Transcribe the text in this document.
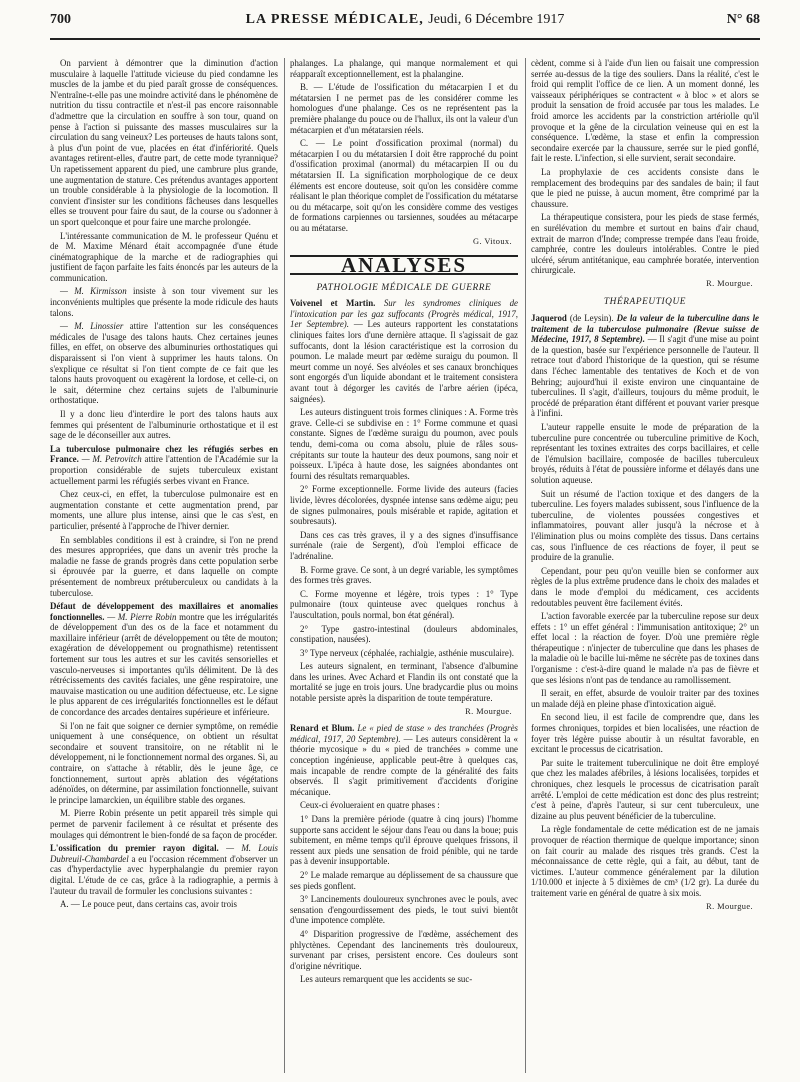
700	LA PRESSE MÉDICALE, Jeudi, 6 Décembre 1917	N° 68

On parvient à démontrer que la diminution d'action musculaire à laquelle l'attitude vicieuse du pied condamne les muscles de la jambe et du pied paraît grosse de conséquences. N'entraîne-t-elle pas une moindre activité dans le phénomène de nutrition du tissu contractile et n'est-il pas encore raisonnable d'admettre que la circulation en souffre à son tour, quand on pense à l'action si puissante des masses musculaires sur la circulation du sang veineux? Les porteuses de hauts talons sont, à plus d'un point de vue, placées en état d'infériorité. Quels avantages retirent-elles, d'autre part, de cette mode tyrannique? Un rapetissement apparent du pied, une cambrure plus grande, une augmentation de stature. Ces prétendus avantages apportent un trouble considérable à la physiologie de la locomotion. Il convient d'insister sur les conditions fâcheuses dans lesquelles elles se trouvent pour faire du saut, de la course ou s'adonner à un sport quelconque et pour faire une marche prolongée.

L'intéressante communication de M. le professeur Quénu et de M. Maxime Ménard était accompagnée d'une étude cinématographique de la marche et de radiographies qui justifient de façon parfaite les faits énoncés par les auteurs de la communication.

— M. Kirmisson insiste à son tour vivement sur les inconvénients multiples que présente la mode ridicule des hauts talons.

— M. Linossier attire l'attention sur les conséquences médicales de l'usage des talons hauts. Chez certaines jeunes filles, en effet, on observe des albuminuries orthostatiques qui disparaissent si l'on vient à supprimer les hauts talons. On s'explique ce résultat si l'on tient compte de ce fait que les talons hauts provoquent ou exagèrent la lordose, et celle-ci, on le sait, détermine chez certains sujets de l'albuminurie orthostatique.

Il y a donc lieu d'interdire le port des talons hauts aux femmes qui présentent de l'albuminurie orthostatique et il est sage de le déconseiller aux autres.

La tuberculose pulmonaire chez les réfugiés serbes en France. — M. Petrovitch attire l'attention de l'Académie sur la proportion considérable de sujets tuberculeux existant actuellement parmi les réfugiés serbes vivant en France.

Chez ceux-ci, en effet, la tuberculose pulmonaire est en augmentation constante et cette augmentation prend, par moments, une allure plus intense, ainsi que le cas s'est, en particulier, présenté à l'approche de l'hiver dernier.

En semblables conditions il est à craindre, si l'on ne prend des mesures appropriées, que dans un avenir très proche la maladie ne fasse de grands progrès dans cette population serbe si éprouvée par la guerre, et dans laquelle on compte présentement de nombreux prétuberculeux ou candidats à la tuberculose.

Défaut de développement des maxillaires et anomalies fonctionnelles. — M. Pierre Robin montre que les irrégularités de développement d'un des os de la face et notamment du maxillaire inférieur (arrêt de développement ou tête de mouton; exagération de développement ou prognathisme) retentissent fortement sur tous les autres et sur les cavités sensorielles et vasculo-nerveuses si importantes qu'ils délimitent. De là des rétrécissements des cavités faciales, une gêne respiratoire, une mauvaise mastication ou une audition défectueuse, etc. Le signe le plus apparent de ces irrégularités fonctionnelles est le défaut de concordance des arcades dentaires supérieure et inférieure.

Si l'on ne fait que soigner ce dernier symptôme, on remédie uniquement à une conséquence, on obtient un résultat secondaire et souvent transitoire, on ne rétablit ni le développement, ni le fonctionnement normal des organes. Si, au contraire, on s'attache à rétablir, dès le jeune âge, ce fonctionnement, surtout après ablation des végétations adénoïdes, on détermine, par assimilation fonctionnelle, suivant le principe lamarckien, un équilibre stable des organes.

M. Pierre Robin présente un petit appareil très simple qui permet de parvenir facilement à ce résultat et présente des moulages qui démontrent le bien-fondé de sa façon de procéder.

L'ossification du premier rayon digital. — M. Louis Dubreuil-Chambardel a eu l'occasion récemment d'observer un cas d'hyperdactylie avec hyperphalangie du premier rayon digital. L'étude de ce cas, grâce à la radiographie, a permis à l'auteur du travail de formuler les conclusions suivantes :

A. — Le pouce peut, dans certains cas, avoir trois

phalanges. La phalange, qui manque normalement et qui réapparaît exceptionnellement, est la phalangine.

B. — L'étude de l'ossification du métacarpien I et du métatarsien I ne permet pas de les considérer comme les homologues d'une phalange. Ces os ne représentent pas la première phalange du pouce ou de l'hallux, ils ont la valeur d'un métacarpien et d'un métatarsien réels.

C. — Le point d'ossification proximal (normal) du métacarpien I ou du métatarsien I doit être rapproché du point d'ossification proximal (anormal) du métacarpien II ou du métatarsien II. La signification morphologique de ce deux éléments est encore douteuse, soit qu'on les considère comme réalisant le plan théorique complet de l'ossification du métatarse ou du métacarpe, soit qu'on les considère comme des vestiges de formations carpiennes ou tarsiennes, soudées au métacarpe ou au métatarse.

G. Vitoux.
ANALYSES
PATHOLOGIE MÉDICALE DE GUERRE

Voivenel et Martin. Sur les syndromes cliniques de l'intoxication par les gaz suffocants (Progrès médical, 1917, 1er Septembre). — Les auteurs rapportent les constatations cliniques faites lors d'une dernière attaque. Il s'agissait de gaz suffocants, dont la lésion caractéristique est la corrosion du poumon. Le malade meurt par œdème suraigu du poumon. Il meurt comme un noyé. Ses alvéoles et ses canaux bronchiques sont engorgés d'un liquide abondant et le traitement consistera avant tout à dégorger les cavités de l'arbre aérien (ipéca, saignées).

Les auteurs distinguent trois formes cliniques : A. Forme très grave. Celle-ci se subdivise en : 1° Forme commune et quasi constante. Signes de l'œdème suraigu du poumon, avec pouls tendu, demi-coma ou coma absolu, pluie de râles sous-crépitants sur toute la hauteur des deux poumons, sang noir et poisseux. L'ipéca à haute dose, les saignées abondantes ont fourni des résultats remarquables.

2° Forme exceptionnelle. Forme livide des auteurs (facies livide, lèvres décolorées, dyspnée intense sans œdème aigu; peu de signes pulmonaires, pouls misérable et rapide, agitation et soubresauts).

Dans ces cas très graves, il y a des signes d'insuffisance surrénale (raie de Sergent), d'où l'emploi efficace de l'adrénaline.

B. Forme grave. Ce sont, à un degré variable, les symptômes des formes très graves.

C. Forme moyenne et légère, trois types : 1° Type pulmonaire (toux quinteuse avec quelques ronchus à l'auscultation, pouls normal, bon état général).

2° Type gastro-intestinal (douleurs abdominales, constipation, nausées).

3° Type nerveux (céphalée, rachialgie, asthénie musculaire).

Les auteurs signalent, en terminant, l'absence d'albumine dans les urines. Avec Achard et Flandin ils ont constaté que la mortalité se juge en trois jours. Une bradycardie plus ou moins notable persiste après la disparition de toute température.

R. Mourgue.

Renard et Blum. Le « pied de stase » des tranchées (Progrès médical, 1917, 20 Septembre). — Les auteurs considèrent la « théorie mycosique » du « pied de tranchées » comme une conception ingénieuse, applicable peut-être à quelques cas, mais incapable de rendre compte de la généralité des faits observés. Il s'agit primitivement d'accidents d'origine mécanique.

Ceux-ci évolueraient en quatre phases :

1° Dans la première période (quatre à cinq jours) l'homme supporte sans accident le séjour dans l'eau ou dans la boue; puis subitement, en même temps qu'il éprouve quelques frissons, il ressent aux pieds une sensation de froid pénible, qui ne tarde pas à devenir insupportable.

2° Le malade remarque au déplissement de sa chaussure que ses pieds gonflent.

3° Lancinements douloureux synchrones avec le pouls, avec sensation d'engourdissement des pieds, le tout suivi bientôt d'une impotence complète.

4° Disparition progressive de l'œdème, asséchement des phlyctènes. Cependant des lancinements très douloureux, survenant par crises, persistent encore. Ces douleurs sont d'origine névritique.

Les auteurs remarquent que les accidents se suc-

cèdent, comme si à l'aide d'un lien ou faisait une compression serrée au-dessus de la tige des souliers. Dans la réalité, c'est le froid qui remplit l'office de ce lien. A un moment donné, les vaisseaux périphériques se contractent « à bloc » et alors se produit la sensation de froid accusée par tous les malades. Le froid amorce les accidents par la constriction artériolle qu'il provoque et la gêne de la circulation veineuse qui en est la conséquence. L'œdème, la stase et enfin la compression secondaire exercée par la chaussure, serrée sur le pied gonflé, fait le reste. L'infection, si elle survient, serait secondaire.

La prophylaxie de ces accidents consiste dans le remplacement des brodequins par des sandales de bain; il faut que le pied ne puisse, à aucun moment, être comprimé par la chaussure.

La thérapeutique consistera, pour les pieds de stase fermés, en surélévation du membre et surtout en bains d'air chaud, extrait de marron d'Inde; compresse trempée dans l'eau froide, camphrée, contre les douleurs intolérables. Contre le pied ulcéré, sérum antitétanique, eau camphrée boratée, intervention chirurgicale.

R. Mourgue.
THÉRAPEUTIQUE

Jaquerod (de Leysin). De la valeur de la tuberculine dans le traitement de la tuberculose pulmonaire (Revue suisse de Médecine, 1917, 8 Septembre). — Il s'agit d'une mise au point de la question, basée sur l'expérience personnelle de l'auteur. Il retrace tout d'abord l'historique de la question, qui se résume dans l'échec lamentable des tentatives de Koch et de von Behring; aujourd'hui il existe environ une cinquantaine de tuberculines. Il s'agit, d'ailleurs, toujours du même produit, le procédé de préparation étant différent et pouvant varier presque à l'infini.

L'auteur rappelle ensuite le mode de préparation de la tuberculine pure concentrée ou tuberculine primitive de Koch, représentant les toxines extraites des corps bacillaires, et celle de l'émulsion bacillaire, composée de bacilles tuberculeux broyés, réduits à l'état de poussière informe et délayés dans une solution aqueuse.

Suit un résumé de l'action toxique et des dangers de la tuberculine. Les foyers malades subissent, sous l'influence de la tuberculine, de violentes poussées congestives et inflammatoires, pouvant aller jusqu'à la nécrose et à l'élimination plus ou moins complète des tissus. Dans certains cas, sous l'influence de ces réactions de foyer, il peut se produire de la granulie.

Cependant, pour peu qu'on veuille bien se conformer aux règles de la plus extrême prudence dans le choix des malades et dans le mode d'emploi du médicament, ces accidents redoutables peuvent être facilement évités.

L'action favorable exercée par la tuberculine repose sur deux effets : 1° un effet général : l'immunisation antitoxique; 2° un effet local : la réaction de foyer. D'où une première règle thérapeutique : n'injecter de tuberculine que dans les phases de la maladie où le bacille lui-même ne sécrète pas de toxines dans l'organisme : c'est-à-dire quand le malade n'a pas de fièvre et que ses lésions n'ont pas de tendance au ramollissement.

Il serait, en effet, absurde de vouloir traiter par des toxines un malade déjà en pleine phase d'intoxication aiguë.

En second lieu, il est facile de comprendre que, dans les formes chroniques, torpides et bien localisées, une réaction de foyer très légère puisse aboutir à un résultat favorable, en excitant le processus de cicatrisation.

Par suite le traitement tuberculinique ne doit être employé que chez les malades afébriles, à lésions localisées, torpides et chroniques, chez lesquels le processus de cicatrisation paraît arrêté. L'emploi de cette médication est donc des plus restreint; c'est à peine, d'après l'auteur, si sur cent tuberculeux, une dizaine au plus peuvent bénéficier de la tuberculine.

La règle fondamentale de cette médication est de ne jamais provoquer de réaction thermique de quelque importance; sinon on fait courir au malade des risques très grands. C'est la méconnaissance de cette règle, qui a fait, au début, tant de victimes. L'auteur commence généralement par la dilution 1/10.000 et injecte à 5 dixièmes de cm³ (1/2 gr). La durée du traitement varie en général de quatre à six mois.

R. Mourgue.
